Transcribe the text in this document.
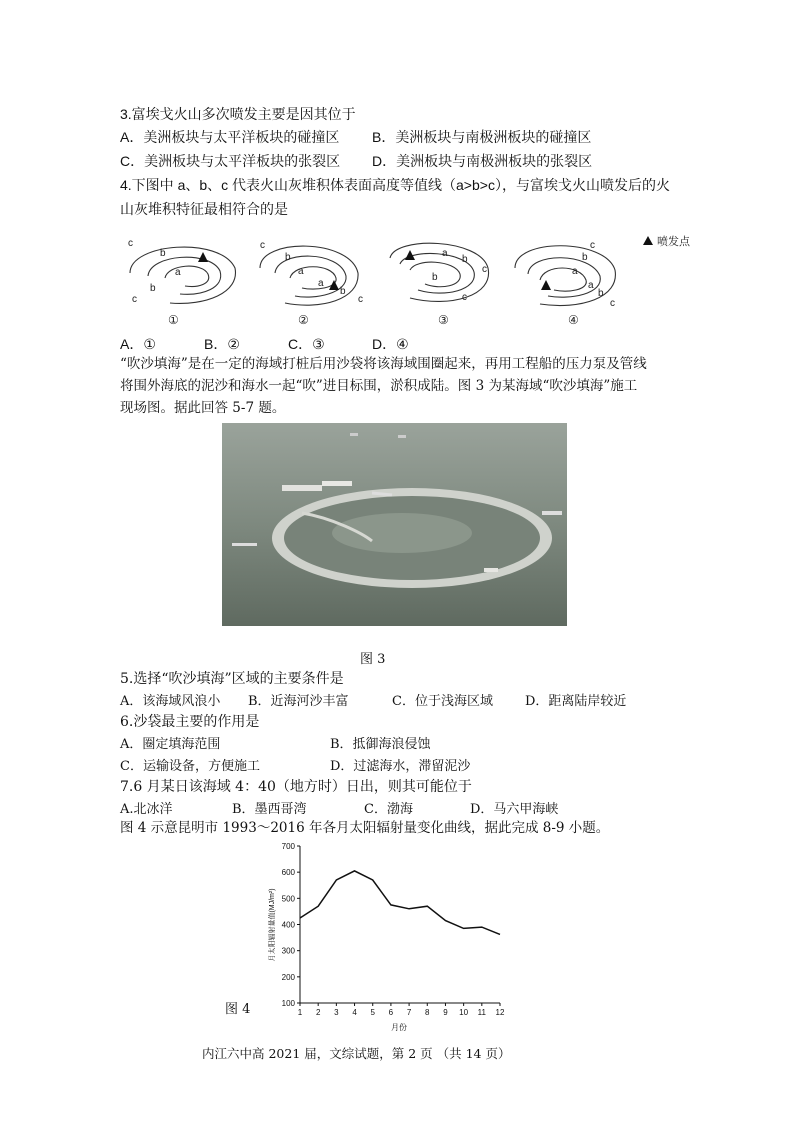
3.富埃戈火山多次喷发主要是因其位于
A．美洲板块与太平洋板块的碰撞区 B．美洲板块与南极洲板块的碰撞区
C．美洲板块与太平洋板块的张裂区 D．美洲板块与南极洲板块的张裂区
4.下图中 a、b、c 代表火山灰堆积体表面高度等值线（a>b>c），与富埃戈火山喷发后的火
山灰堆积特征最相符合的是
c
b
a
b
c
c
b
a
a
b
c
a
b
c
b
c
c
b
a
a
b
c
①	②	③	④
喷发点
A．①	B．②	C．③	D．④
“吹沙填海”是在一定的海域打桩后用沙袋将该海域围圈起来，再用工程船的压力泵及管线
将围外海底的泥沙和海水一起“吹”进目标围，淤积成陆。图 3 为某海域“吹沙填海”施工
现场图。据此回答 5-7 题。
图 3
5.选择“吹沙填海”区域的主要条件是
A．该海域风浪小 B．近海河沙丰富	C．位于浅海区域 D．距离陆岸较近
6.沙袋最主要的作用是
A．圈定填海范围	B．抵御海浪侵蚀
C．运输设备，方便施工	D．过滤海水，滞留泥沙
7.6 月某日该海域 4：40（地方时）日出，则其可能位于
A.北冰洋	B．墨西哥湾	C．渤海	D．马六甲海峡
图 4 示意昆明市 1993～2016 年各月太阳辐射量变化曲线，据此完成 8-9 小题。
100
200
300
400
500
600
700
1 2 3 4 5 6 7 8 9 10 11 12
月份
月太阳辐射量值(MJ/m²)
图 4
内江六中高 2021 届，文综试题，第 2 页 （共 14 页）
